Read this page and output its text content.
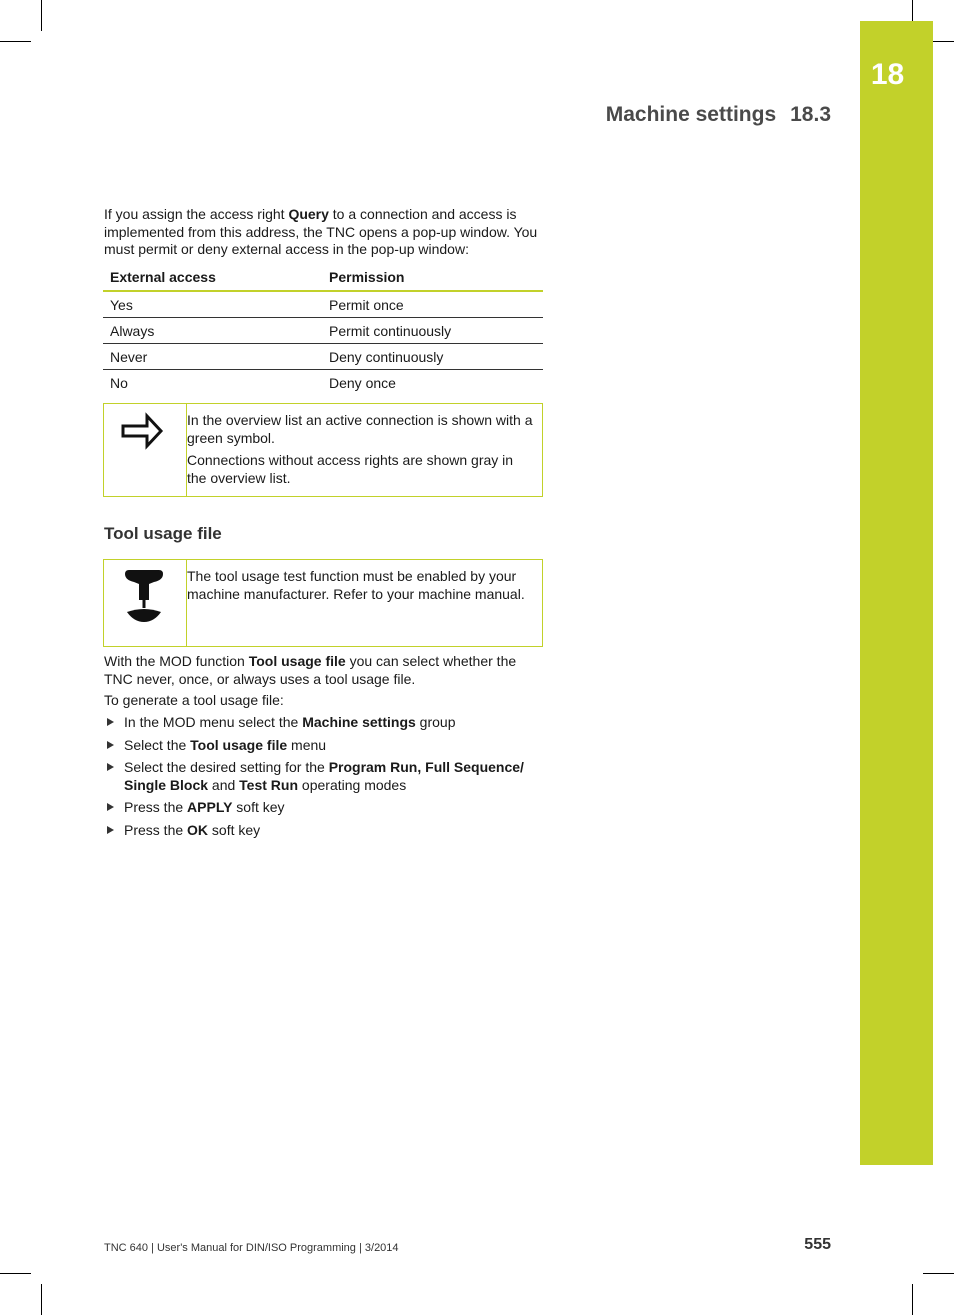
18
Machine settings 18.3

If you assign the access right Query to a connection and access is implemented from this address, the TNC opens a pop-up window. You must permit or deny external access in the pop-up window:

External access	Permission
Yes	Permit once
Always	Permit continuously
Never	Deny continuously
No	Deny once

In the overview list an active connection is shown with a green symbol.

Connections without access rights are shown gray in the overview list.

Tool usage file

The tool usage test function must be enabled by your machine manufacturer. Refer to your machine manual.

With the MOD function Tool usage file you can select whether the TNC never, once, or always uses a tool usage file.

To generate a tool usage file:

In the MOD menu select the Machine settings group
Select the Tool usage file menu
Select the desired setting for the Program Run, Full Sequence/ Single Block and Test Run operating modes
Press the APPLY soft key
Press the OK soft key
TNC 640 | User's Manual for DIN/ISO Programming | 3/2014	555
